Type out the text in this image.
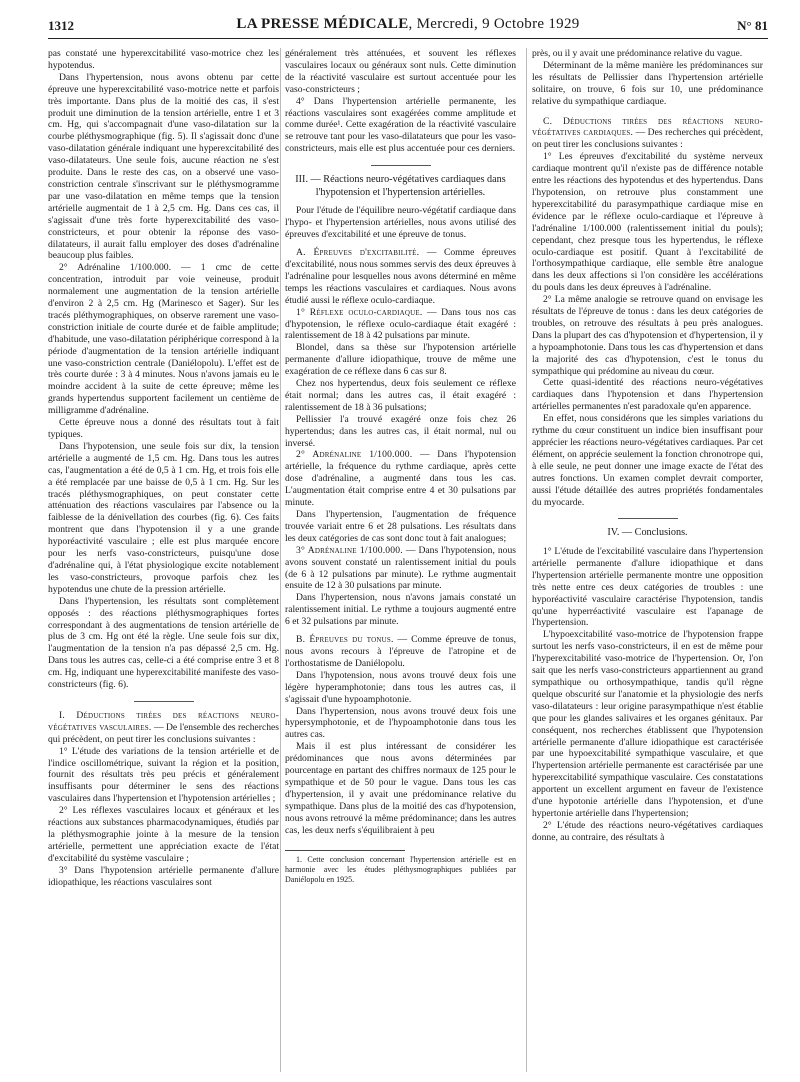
1312	LA PRESSE MÉDICALE, Mercredi, 9 Octobre 1929	N° 81

pas constaté une hyperexcitabilité vaso-motrice chez les hypotendus.

Dans l'hypertension, nous avons obtenu par cette épreuve une hyperexcitabilité vaso-motrice nette et parfois très importante. Dans plus de la moitié des cas, il s'est produit une diminution de la tension artérielle, entre 1 et 3 cm. Hg, qui s'accompagnait d'une vaso-dilatation sur la courbe pléthysmographique (fig. 5). Il s'agissait donc d'une vaso-dilatation générale indiquant une hyperexcitabilité des vaso-dilatateurs. Une seule fois, aucune réaction ne s'est produite. Dans le reste des cas, on a observé une vaso-constriction centrale s'inscrivant sur le pléthysmogramme par une vaso-dilatation en même temps que la tension artérielle augmentait de 1 à 2,5 cm. Hg. Dans ces cas, il s'agissait d'une très forte hyperexcitabilité des vaso-constricteurs, et pour obtenir la réponse des vaso-dilatateurs, il aurait fallu employer des doses d'adrénaline beaucoup plus faibles.

2° Adrénaline 1/100.000. — 1 cmc de cette concentration, introduit par voie veineuse, produit normalement une augmentation de la tension artérielle d'environ 2 à 2,5 cm. Hg (Marinesco et Sager). Sur les tracés pléthymographiques, on observe rarement une vaso-constriction initiale de courte durée et de faible amplitude; d'habitude, une vaso-dilatation périphérique correspond à la période d'augmentation de la tension artérielle indiquant une vaso-constriction centrale (Daniélopolu). L'effet est de très courte durée : 3 à 4 minutes. Nous n'avons jamais eu le moindre accident à la suite de cette épreuve; même les grands hypertendus supportent facilement un centième de milligramme d'adrénaline.

Cette épreuve nous a donné des résultats tout à fait typiques.

Dans l'hypotension, une seule fois sur dix, la tension artérielle a augmenté de 1,5 cm. Hg. Dans tous les autres cas, l'augmentation a été de 0,5 à 1 cm. Hg, et trois fois elle a été remplacée par une baisse de 0,5 à 1 cm. Hg. Sur les tracés pléthysmographiques, on peut constater cette atténuation des réactions vasculaires par l'absence ou la faiblesse de la dénivellation des courbes (fig. 6). Ces faits montrent que dans l'hypotension il y a une grande hyporéactivité vasculaire ; elle est plus marquée encore pour les nerfs vaso-constricteurs, puisqu'une dose d'adrénaline qui, à l'état physiologique excite notablement les vaso-constricteurs, provoque parfois chez les hypotendus une chute de la pression artérielle.

Dans l'hypertension, les résultats sont complètement opposés : des réactions pléthysmographiques fortes correspondant à des augmentations de tension artérielle de plus de 3 cm. Hg ont été la règle. Une seule fois sur dix, l'augmentation de la tension n'a pas dépassé 2,5 cm. Hg. Dans tous les autres cas, celle-ci a été comprise entre 3 et 8 cm. Hg, indiquant une hyperexcitabilité manifeste des vaso-constricteurs (fig. 6).

I. Déductions tirées des réactions neuro-végétatives vasculaires. — De l'ensemble des recherches qui précèdent, on peut tirer les conclusions suivantes :

1° L'étude des variations de la tension artérielle et de l'indice oscillométrique, suivant la région et la position, fournit des résultats très peu précis et généralement insuffisants pour déterminer le sens des réactions vasculaires dans l'hypertension et l'hypotension artérielles ;

2° Les réflexes vasculaires locaux et généraux et les réactions aux substances pharmacodynamiques, étudiés par la pléthysmographie jointe à la mesure de la tension artérielle, permettent une appréciation exacte de l'état d'excitabilité du système vasculaire ;

3° Dans l'hypotension artérielle permanente d'allure idiopathique, les réactions vasculaires sont

généralement très atténuées, et souvent les réflexes vasculaires locaux ou généraux sont nuls. Cette diminution de la réactivité vasculaire est surtout accentuée pour les vaso-constricteurs ;

4° Dans l'hypertension artérielle permanente, les réactions vasculaires sont exagérées comme amplitude et comme durée¹. Cette exagération de la réactivité vasculaire se retrouve tant pour les vaso-dilatateurs que pour les vaso-constricteurs, mais elle est plus accentuée pour ces derniers.

III. — Réactions neuro-végétatives cardiaques dans l'hypotension et l'hypertension artérielles.

Pour l'étude de l'équilibre neuro-végétatif cardiaque dans l'hypo- et l'hypertension artérielles, nous avons utilisé des épreuves d'excitabilité et une épreuve de tonus.

A. Épreuves d'excitabilité. — Comme épreuves d'excitabilité, nous nous sommes servis des deux épreuves à l'adrénaline pour lesquelles nous avons déterminé en même temps les réactions vasculaires et cardiaques. Nous avons étudié aussi le réflexe oculo-cardiaque.

1° Réflexe oculo-cardiaque. — Dans tous nos cas d'hypotension, le réflexe oculo-cardiaque était exagéré : ralentissement de 18 à 42 pulsations par minute.

Blondel, dans sa thèse sur l'hypotension artérielle permanente d'allure idiopathique, trouve de même une exagération de ce réflexe dans 6 cas sur 8.

Chez nos hypertendus, deux fois seulement ce réflexe était normal; dans les autres cas, il était exagéré : ralentissement de 18 à 36 pulsations;

Pellissier l'a trouvé exagéré onze fois chez 26 hypertendus; dans les autres cas, il était normal, nul ou inversé.

2° Adrénaline 1/100.000. — Dans l'hypotension artérielle, la fréquence du rythme cardiaque, après cette dose d'adrénaline, a augmenté dans tous les cas. L'augmentation était comprise entre 4 et 30 pulsations par minute.

Dans l'hypertension, l'augmentation de fréquence trouvée variait entre 6 et 28 pulsations. Les résultats dans les deux catégories de cas sont donc tout à fait analogues;

3° Adrénaline 1/100.000. — Dans l'hypotension, nous avons souvent constaté un ralentissement initial du pouls (de 6 à 12 pulsations par minute). Le rythme augmentait ensuite de 12 à 30 pulsations par minute.

Dans l'hypertension, nous n'avons jamais constaté un ralentissement initial. Le rythme a toujours augmenté entre 6 et 32 pulsations par minute.

B. Épreuves du tonus. — Comme épreuve de tonus, nous avons recours à l'épreuve de l'atropine et de l'orthostatisme de Daniélopolu.

Dans l'hypotension, nous avons trouvé deux fois une légère hyperamphotonie; dans tous les autres cas, il s'agissait d'une hypoamphotonie.

Dans l'hypertension, nous avons trouvé deux fois une hypersymphotonie, et de l'hypoamphotonie dans tous les autres cas.

Mais il est plus intéressant de considérer les prédominances que nous avons déterminées par pourcentage en partant des chiffres normaux de 125 pour le sympathique et de 50 pour le vague. Dans tous les cas d'hypertension, il y avait une prédominance relative du sympathique. Dans plus de la moitié des cas d'hypotension, nous avons retrouvé la même prédominance; dans les autres cas, les deux nerfs s'équilibraient à peu

1. Cette conclusion concernant l'hypertension artérielle est en harmonie avec les études pléthysmographiques publiées par Daniélopolu en 1925.

près, ou il y avait une prédominance relative du vague.

Déterminant de la même manière les prédominances sur les résultats de Pellissier dans l'hypertension artérielle solitaire, on trouve, 6 fois sur 10, une prédominance relative du sympathique cardiaque.

C. Déductions tirées des réactions neuro-végétatives cardiaques. — Des recherches qui précèdent, on peut tirer les conclusions suivantes :

1° Les épreuves d'excitabilité du système nerveux cardiaque montrent qu'il n'existe pas de différence notable entre les réactions des hypotendus et des hypertendus. Dans l'hypotension, on retrouve plus constamment une hyperexcitabilité du parasympathique cardiaque mise en évidence par le réflexe oculo-cardiaque et l'épreuve à l'adrénaline 1/100.000 (ralentissement initial du pouls); cependant, chez presque tous les hypertendus, le réflexe oculo-cardiaque est positif. Quant à l'excitabilité de l'orthosympathique cardiaque, elle semble être analogue dans les deux affections si l'on considère les accélérations du pouls dans les deux épreuves à l'adrénaline.

2° La même analogie se retrouve quand on envisage les résultats de l'épreuve de tonus : dans les deux catégories de troubles, on retrouve des résultats à peu près analogues. Dans la plupart des cas d'hypotension et d'hypertension, il y a hypoamphotonie. Dans tous les cas d'hypertension et dans la majorité des cas d'hypotension, c'est le tonus du sympathique qui prédomine au niveau du cœur.

Cette quasi-identité des réactions neuro-végétatives cardiaques dans l'hypotension et dans l'hypertension artérielles permanentes n'est paradoxale qu'en apparence.

En effet, nous considérons que les simples variations du rythme du cœur constituent un indice bien insuffisant pour apprécier les réactions neuro-végétatives cardiaques. Par cet élément, on apprécie seulement la fonction chronotrope qui, à elle seule, ne peut donner une image exacte de l'état des autres fonctions. Un examen complet devrait comporter, aussi l'étude détaillée des autres propriétés fondamentales du myocarde.

IV. — Conclusions.

1° L'étude de l'excitabilité vasculaire dans l'hypertension artérielle permanente d'allure idiopathique et dans l'hypertension artérielle permanente montre une opposition très nette entre ces deux catégories de troubles : une hyporéactivité vasculaire caractérise l'hypotension, tandis qu'une hyperréactivité vasculaire est l'apanage de l'hypertension.

L'hypoexcitabilité vaso-motrice de l'hypotension frappe surtout les nerfs vaso-constricteurs, il en est de même pour l'hyperexcitabilité vaso-motrice de l'hypertension. Or, l'on sait que les nerfs vaso-constricteurs appartiennent au grand sympathique ou orthosympathique, tandis qu'il règne quelque obscurité sur l'anatomie et la physiologie des nerfs vaso-dilatateurs : leur origine parasympathique n'est établie que pour les glandes salivaires et les organes génitaux. Par conséquent, nos recherches établissent que l'hypotension artérielle permanente d'allure idiopathique est caractérisée par une hypoexcitabilité sympathique vasculaire, et que l'hypertension artérielle permanente est caractérisée par une hyperexcitabilité sympathique vasculaire. Ces constatations apportent un excellent argument en faveur de l'existence d'une hypotonie artérielle dans l'hypotension, et d'une hypertonie artérielle dans l'hypertension;

2° L'étude des réactions neuro-végétatives cardiaques donne, au contraire, des résultats à
